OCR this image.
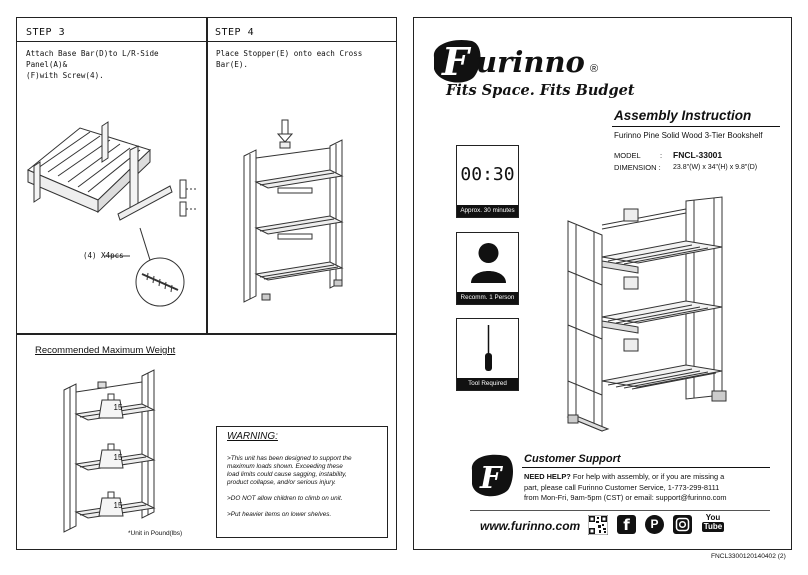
STEP 3
Attach Base Bar(D)to L/R-Side Panel(A)&
(F)with Screw(4).
(4) X4pcs
STEP 4
Place Stopper(E) onto each Cross Bar(E).
Recommended Maximum Weight
15
15
15
*Unit in Pound(lbs)
WARNING:
>This unit has been designed to support the
maximum loads shown. Exceeding these
load limits could cause sagging, instability,
product collapse, and/or serious injury.
>DO NOT allow children to climb on unit.
>Put heavier items on lower shelves.
F urinno ®
Fits Space. Fits Budget
Assembly Instruction
Furinno Pine Solid Wood 3-Tier Bookshelf
MODEL	: FNCL-33001
DIMENSION : 23.8"(W) x 34"(H) x 9.8"(D)
00:30
Approx. 30 minutes
Recomm. 1 Person
Tool Required
F
Customer Support
NEED HELP? For help with assembly, or if you are missing a
part, please call Furinno Customer Service, 1-773-299-8111
from Mon-Fri, 9am-5pm (CST) or email: support@furinno.com
www.furinno.com	f	P	You
Tube
FNCL3300120140402 (2)
